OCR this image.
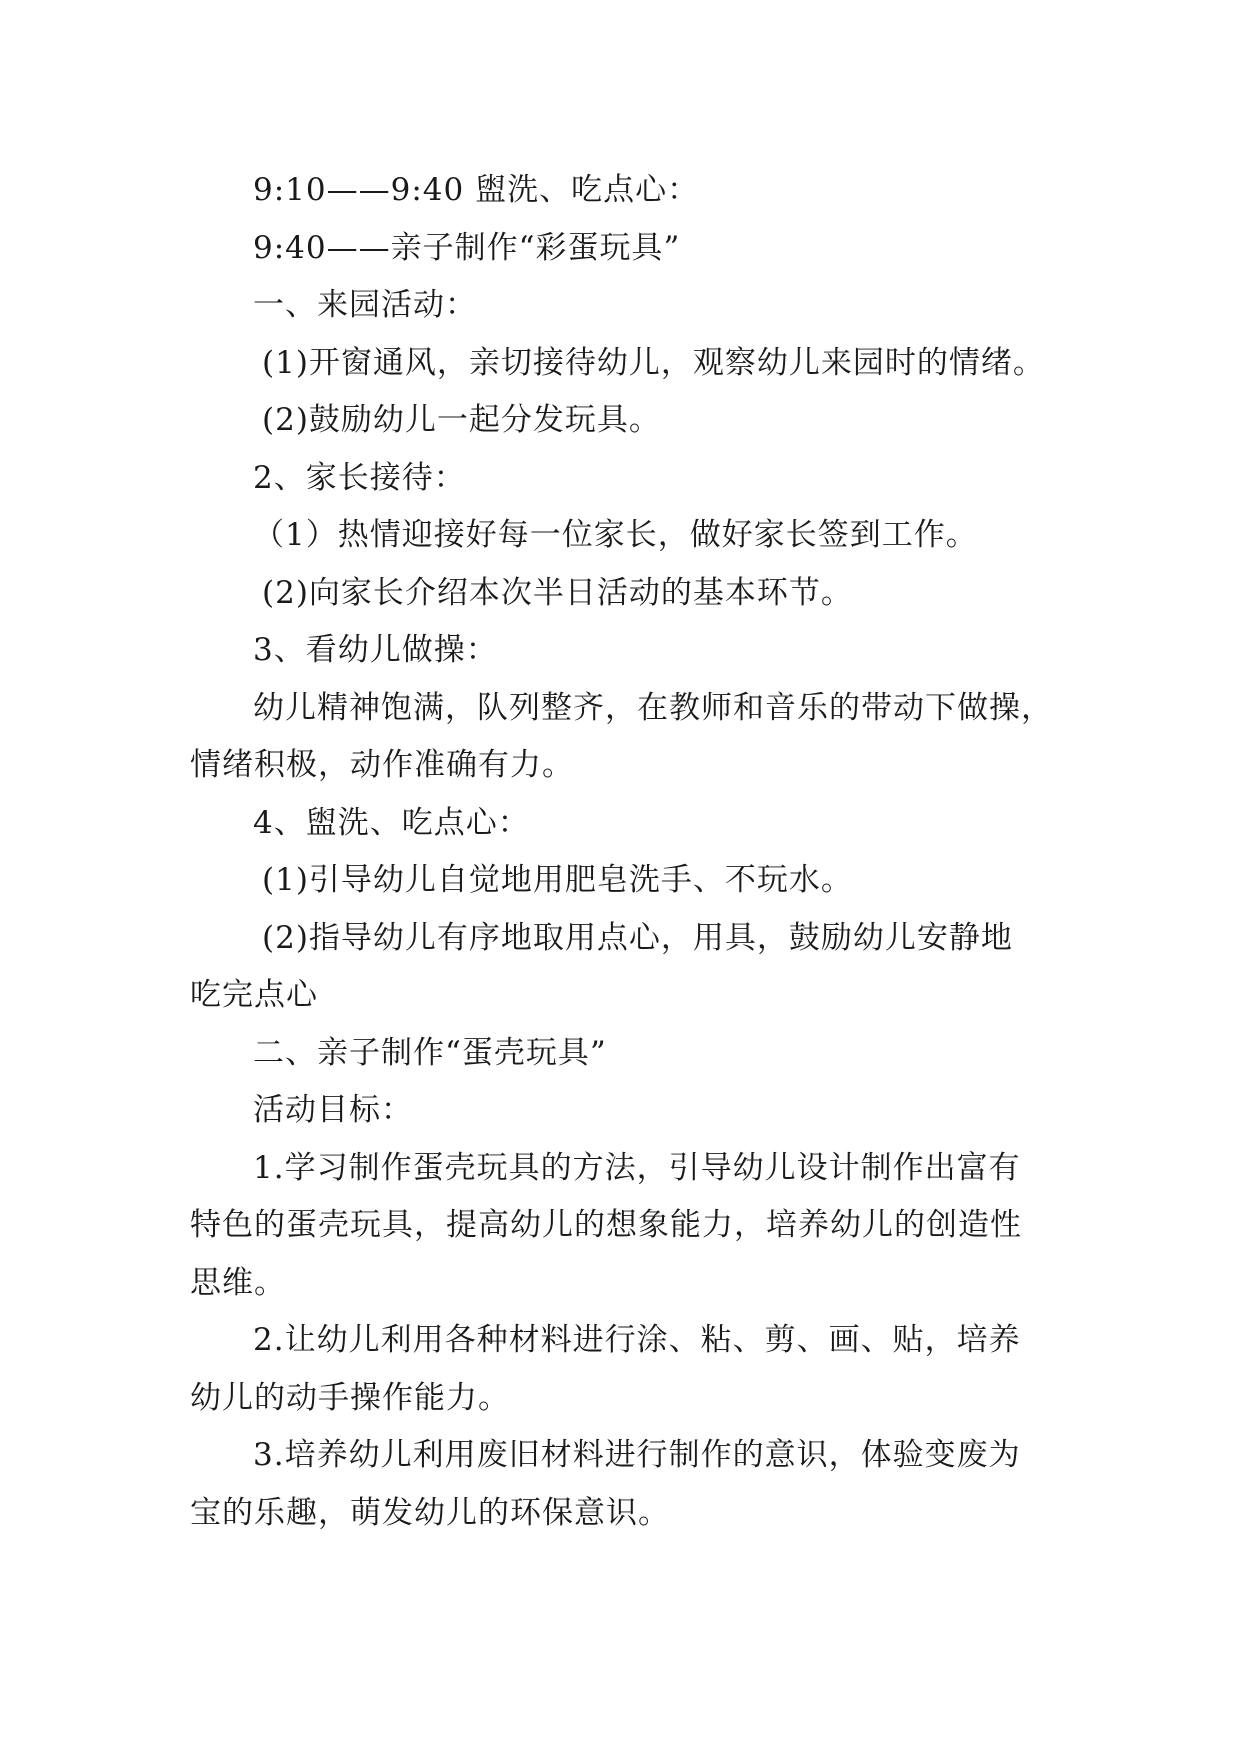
9:10——9:40 盥洗、吃点心：
9:40——亲子制作“彩蛋玩具”
一、来园活动：
(1)开窗通风，亲切接待幼儿，观察幼儿来园时的情绪。
(2)鼓励幼儿一起分发玩具。
2、家长接待：
（1）热情迎接好每一位家长，做好家长签到工作。
(2)向家长介绍本次半日活动的基本环节。
3、看幼儿做操：
幼儿精神饱满，队列整齐，在教师和音乐的带动下做操，
情绪积极，动作准确有力。
4、盥洗、吃点心：
(1)引导幼儿自觉地用肥皂洗手、不玩水。
(2)指导幼儿有序地取用点心，用具，鼓励幼儿安静地
吃完点心
二、亲子制作“蛋壳玩具”
活动目标：
1.学习制作蛋壳玩具的方法，引导幼儿设计制作出富有
特色的蛋壳玩具，提高幼儿的想象能力，培养幼儿的创造性
思维。
2.让幼儿利用各种材料进行涂、粘、剪、画、贴，培养
幼儿的动手操作能力。
3.培养幼儿利用废旧材料进行制作的意识，体验变废为
宝的乐趣，萌发幼儿的环保意识。
